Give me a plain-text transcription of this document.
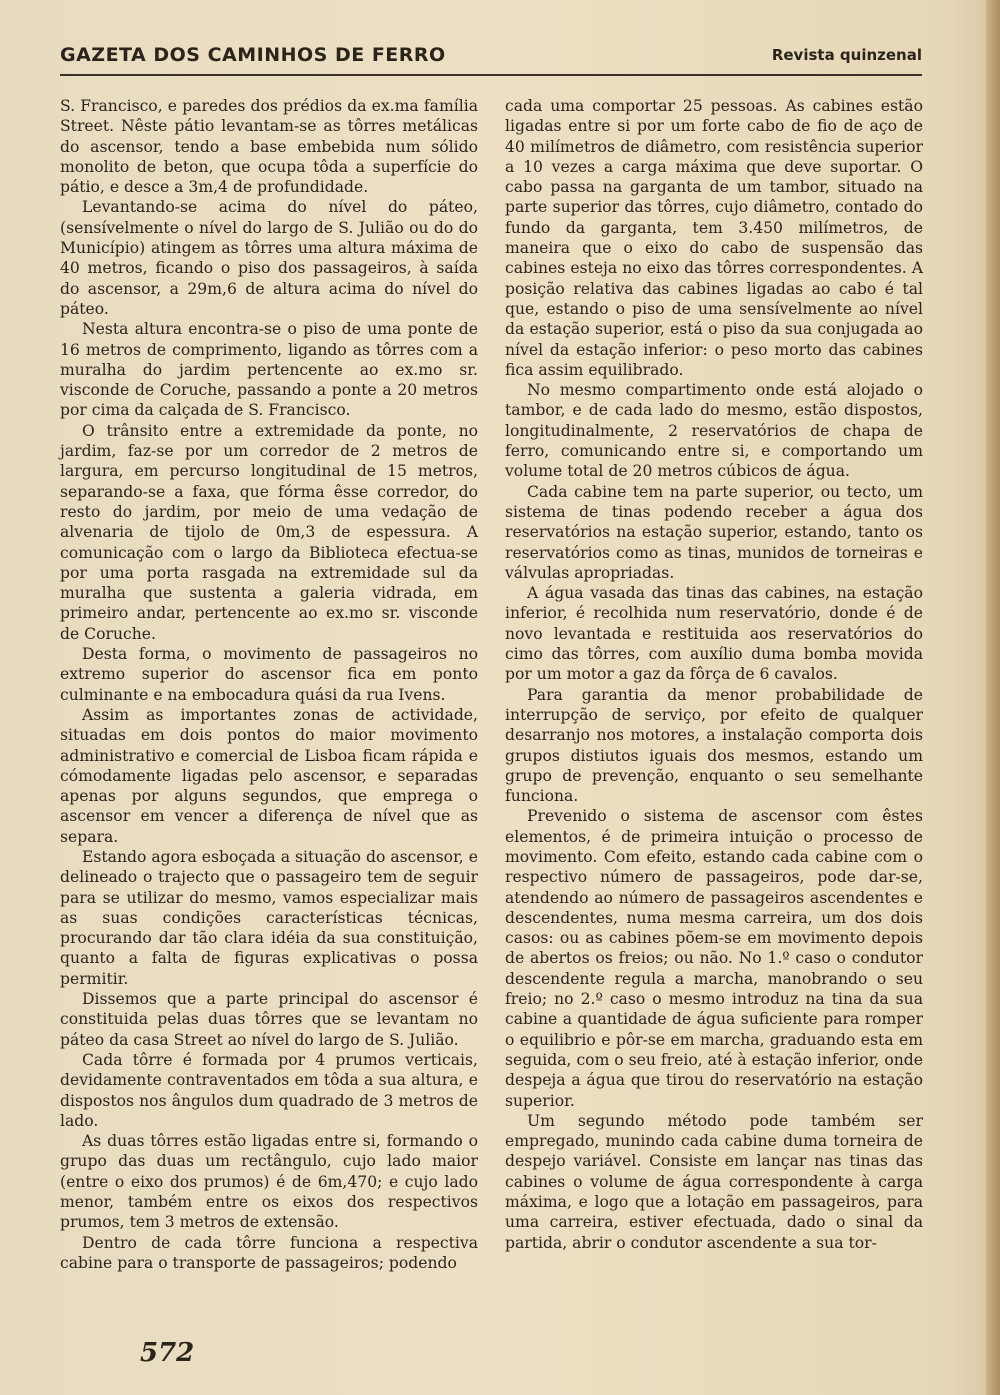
GAZETA DOS CAMINHOS DE FERRO	Revista quinzenal

S. Francisco, e paredes dos prédios da ex.ma família Street. Nêste pátio levantam-se as tôrres metálicas do ascensor, tendo a base embebida num sólido monolito de beton, que ocupa tôda a superfície do pátio, e desce a 3m,4 de profundidade.

Levantando-se acima do nível do páteo, (sensívelmente o nível do largo de S. Julião ou do do Município) atingem as tôrres uma altura máxima de 40 metros, ficando o piso dos passageiros, à saída do ascensor, a 29m,6 de altura acima do nível do páteo.

Nesta altura encontra-se o piso de uma ponte de 16 metros de comprimento, ligando as tôrres com a muralha do jardim pertencente ao ex.mo sr. visconde de Coruche, passando a ponte a 20 metros por cima da calçada de S. Francisco.

O trânsito entre a extremidade da ponte, no jardim, faz-se por um corredor de 2 metros de largura, em percurso longitudinal de 15 metros, separando-se a faxa, que fórma êsse corredor, do resto do jardim, por meio de uma vedação de alvenaria de tijolo de 0m,3 de espessura. A comunicação com o largo da Biblioteca efectua-se por uma porta rasgada na extremidade sul da muralha que sustenta a galeria vidrada, em primeiro andar, pertencente ao ex.mo sr. visconde de Coruche.

Desta forma, o movimento de passageiros no extremo superior do ascensor fica em ponto culminante e na embocadura quási da rua Ivens.

Assim as importantes zonas de actividade, situadas em dois pontos do maior movimento administrativo e comercial de Lisboa ficam rápida e cómodamente ligadas pelo ascensor, e separadas apenas por alguns segundos, que emprega o ascensor em vencer a diferença de nível que as separa.

Estando agora esboçada a situação do ascensor, e delineado o trajecto que o passageiro tem de seguir para se utilizar do mesmo, vamos especializar mais as suas condições características técnicas, procurando dar tão clara idéia da sua constituição, quanto a falta de figuras explicativas o possa permitir.

Dissemos que a parte principal do ascensor é constituida pelas duas tôrres que se levantam no páteo da casa Street ao nível do largo de S. Julião.

Cada tôrre é formada por 4 prumos verticais, devidamente contraventados em tôda a sua altura, e dispostos nos ângulos dum quadrado de 3 metros de lado.

As duas tôrres estão ligadas entre si, formando o grupo das duas um rectângulo, cujo lado maior (entre o eixo dos prumos) é de 6m,470; e cujo lado menor, também entre os eixos dos respectivos prumos, tem 3 metros de extensão.

Dentro de cada tôrre funciona a respectiva cabine para o transporte de passageiros; podendo

cada uma comportar 25 pessoas. As cabines estão ligadas entre si por um forte cabo de fio de aço de 40 milímetros de diâmetro, com resistência superior a 10 vezes a carga máxima que deve suportar. O cabo passa na garganta de um tambor, situado na parte superior das tôrres, cujo diâmetro, contado do fundo da garganta, tem 3.450 milímetros, de maneira que o eixo do cabo de suspensão das cabines esteja no eixo das tôrres correspondentes. A posição relativa das cabines ligadas ao cabo é tal que, estando o piso de uma sensívelmente ao nível da estação superior, está o piso da sua conjugada ao nível da estação inferior: o peso morto das cabines fica assim equilibrado.

No mesmo compartimento onde está alojado o tambor, e de cada lado do mesmo, estão dispostos, longitudinalmente, 2 reservatórios de chapa de ferro, comunicando entre si, e comportando um volume total de 20 metros cúbicos de água.

Cada cabine tem na parte superior, ou tecto, um sistema de tinas podendo receber a água dos reservatórios na estação superior, estando, tanto os reservatórios como as tinas, munidos de torneiras e válvulas apropriadas.

A água vasada das tinas das cabines, na estação inferior, é recolhida num reservatório, donde é de novo levantada e restituida aos reservatórios do cimo das tôrres, com auxílio duma bomba movida por um motor a gaz da fôrça de 6 cavalos.

Para garantia da menor probabilidade de interrupção de serviço, por efeito de qualquer desarranjo nos motores, a instalação comporta dois grupos distiutos iguais dos mesmos, estando um grupo de prevenção, enquanto o seu semelhante funciona.

Prevenido o sistema de ascensor com êstes elementos, é de primeira intuição o processo de movimento. Com efeito, estando cada cabine com o respectivo número de passageiros, pode dar-se, atendendo ao número de passageiros ascendentes e descendentes, numa mesma carreira, um dos dois casos: ou as cabines põem-se em movimento depois de abertos os freios; ou não. No 1.º caso o condutor descendente regula a marcha, manobrando o seu freio; no 2.º caso o mesmo introduz na tina da sua cabine a quantidade de água suficiente para romper o equilibrio e pôr-se em marcha, graduando esta em seguida, com o seu freio, até à estação inferior, onde despeja a água que tirou do reservatório na estação superior.

Um segundo método pode também ser empregado, munindo cada cabine duma torneira de despejo variável. Consiste em lançar nas tinas das cabines o volume de água correspondente à carga máxima, e logo que a lotação em passageiros, para uma carreira, estiver efectuada, dado o sinal da partida, abrir o condutor ascendente a sua tor-

572
